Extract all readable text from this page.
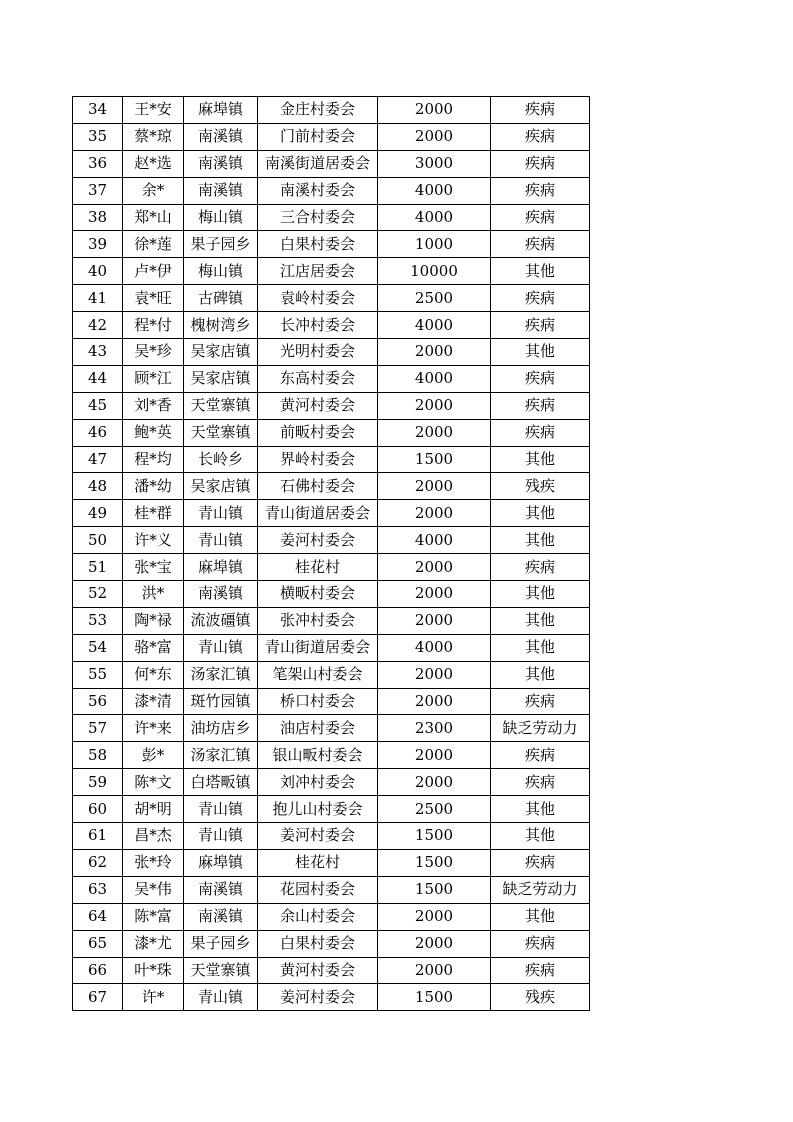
34	王*安	麻埠镇	金庄村委会	2000	疾病
35	蔡*琼	南溪镇	门前村委会	2000	疾病
36	赵*选	南溪镇	南溪街道居委会	3000	疾病
37	余*	南溪镇	南溪村委会	4000	疾病
38	郑*山	梅山镇	三合村委会	4000	疾病
39	徐*莲	果子园乡	白果村委会	1000	疾病
40	卢*伊	梅山镇	江店居委会	10000	其他
41	袁*旺	古碑镇	袁岭村委会	2500	疾病
42	程*付	槐树湾乡	长冲村委会	4000	疾病
43	吴*珍	吴家店镇	光明村委会	2000	其他
44	顾*江	吴家店镇	东高村委会	4000	疾病
45	刘*香	天堂寨镇	黄河村委会	2000	疾病
46	鲍*英	天堂寨镇	前畈村委会	2000	疾病
47	程*均	长岭乡	界岭村委会	1500	其他
48	潘*幼	吴家店镇	石佛村委会	2000	残疾
49	桂*群	青山镇	青山街道居委会	2000	其他
50	许*义	青山镇	姜河村委会	4000	其他
51	张*宝	麻埠镇	桂花村	2000	疾病
52	洪*	南溪镇	横畈村委会	2000	其他
53	陶*禄	流波礓镇	张冲村委会	2000	其他
54	骆*富	青山镇	青山街道居委会	4000	其他
55	何*东	汤家汇镇	笔架山村委会	2000	其他
56	漆*清	斑竹园镇	桥口村委会	2000	疾病
57	许*来	油坊店乡	油店村委会	2300	缺乏劳动力
58	彭*	汤家汇镇	银山畈村委会	2000	疾病
59	陈*文	白塔畈镇	刘冲村委会	2000	疾病
60	胡*明	青山镇	抱儿山村委会	2500	其他
61	昌*杰	青山镇	姜河村委会	1500	其他
62	张*玲	麻埠镇	桂花村	1500	疾病
63	吴*伟	南溪镇	花园村委会	1500	缺乏劳动力
64	陈*富	南溪镇	余山村委会	2000	其他
65	漆*尤	果子园乡	白果村委会	2000	疾病
66	叶*珠	天堂寨镇	黄河村委会	2000	疾病
67	许*	青山镇	姜河村委会	1500	残疾
